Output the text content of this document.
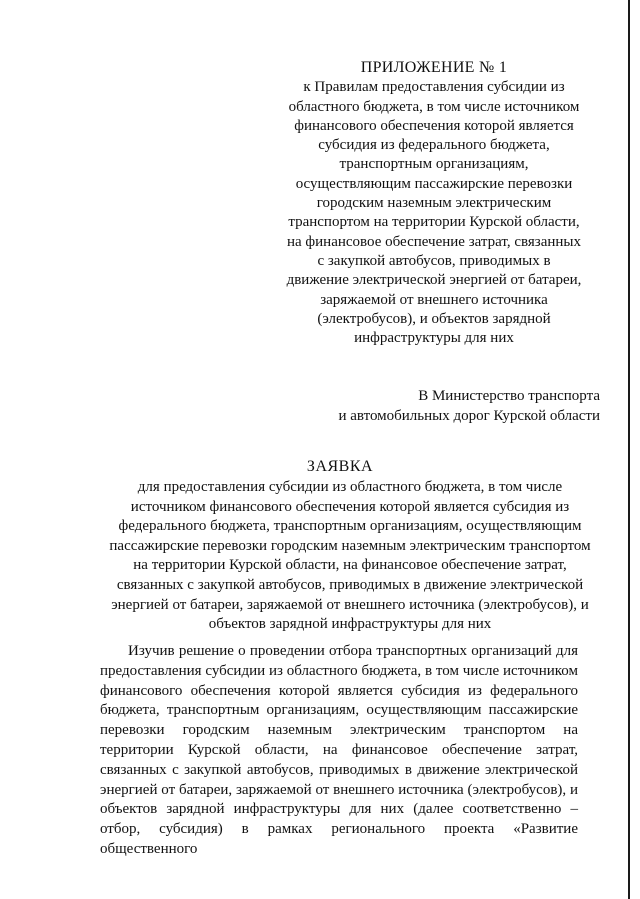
ПРИЛОЖЕНИЕ № 1
к Правилам предоставления субсидии из
областного бюджета, в том числе источником
финансового обеспечения которой является
субсидия из федерального бюджета,
транспортным организациям,
осуществляющим пассажирские перевозки
городским наземным электрическим
транспортом на территории Курской области,
на финансовое обеспечение затрат, связанных
с закупкой автобусов, приводимых в
движение электрической энергией от батареи,
заряжаемой от внешнего источника
(электробусов), и объектов зарядной
инфраструктуры для них
В Министерство транспорта
и автомобильных дорог Курской области
ЗАЯВКА
для предоставления субсидии из областного бюджета, в том числе
источником финансового обеспечения которой является субсидия из
федерального бюджета, транспортным организациям, осуществляющим
пассажирские перевозки городским наземным электрическим транспортом
на территории Курской области, на финансовое обеспечение затрат,
связанных с закупкой автобусов, приводимых в движение электрической
энергией от батареи, заряжаемой от внешнего источника (электробусов), и
объектов зарядной инфраструктуры для них
Изучив решение о проведении отбора транспортных организаций для предоставления субсидии из областного бюджета, в том числе источником финансового обеспечения которой является субсидия из федерального бюджета, транспортным организациям, осуществляющим пассажирские перевозки городским наземным электрическим транспортом на территории Курской области, на финансовое обеспечение затрат, связанных с закупкой автобусов, приводимых в движение электрической энергией от батареи, заряжаемой от внешнего источника (электробусов), и объектов зарядной инфраструктуры для них (далее соответственно – отбор, субсидия) в рамках регионального проекта «Развитие общественного
